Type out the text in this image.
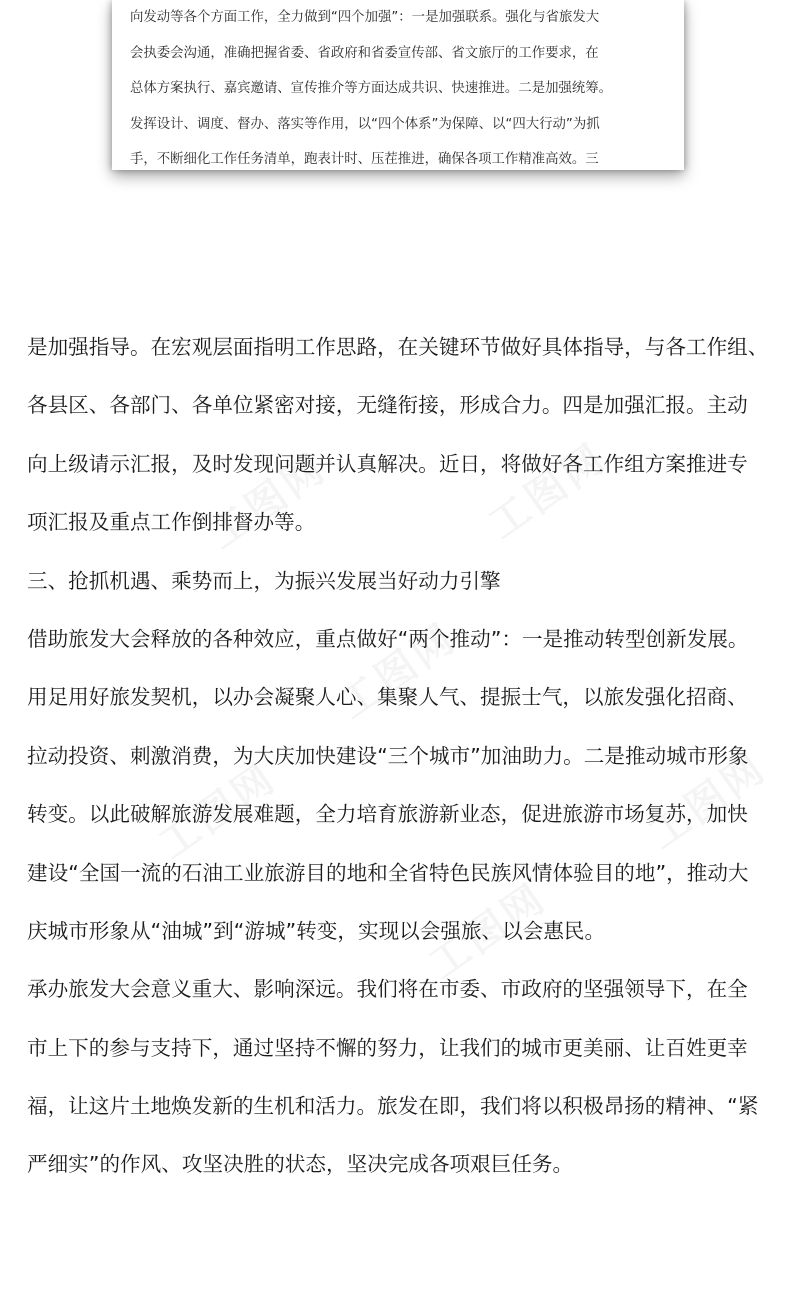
向发动等各个方面工作，全力做到“四个加强”：一是加强联系。强化与省旅发大
会执委会沟通，准确把握省委、省政府和省委宣传部、省文旅厅的工作要求，在
总体方案执行、嘉宾邀请、宣传推介等方面达成共识、快速推进。二是加强统筹。
发挥设计、调度、督办、落实等作用，以“四个体系”为保障、以“四大行动”为抓
手，不断细化工作任务清单，跑表计时、压茬推进，确保各项工作精准高效。三
是加强指导。在宏观层面指明工作思路，在关键环节做好具体指导，与各工作组、
各县区、各部门、各单位紧密对接，无缝衔接，形成合力。四是加强汇报。主动
向上级请示汇报，及时发现问题并认真解决。近日，将做好各工作组方案推进专
项汇报及重点工作倒排督办等。
三、抢抓机遇、乘势而上，为振兴发展当好动力引擎
借助旅发大会释放的各种效应，重点做好“两个推动”：一是推动转型创新发展。
用足用好旅发契机，以办会凝聚人心、集聚人气、提振士气，以旅发强化招商、
拉动投资、刺激消费，为大庆加快建设“三个城市”加油助力。二是推动城市形象
转变。以此破解旅游发展难题，全力培育旅游新业态，促进旅游市场复苏，加快
建设“全国一流的石油工业旅游目的地和全省特色民族风情体验目的地”，推动大
庆城市形象从“油城”到“游城”转变，实现以会强旅、以会惠民。
承办旅发大会意义重大、影响深远。我们将在市委、市政府的坚强领导下，在全
市上下的参与支持下，通过坚持不懈的努力，让我们的城市更美丽、让百姓更幸
福，让这片土地焕发新的生机和活力。旅发在即，我们将以积极昂扬的精神、“紧
严细实”的作风、攻坚决胜的状态，坚决完成各项艰巨任务。
